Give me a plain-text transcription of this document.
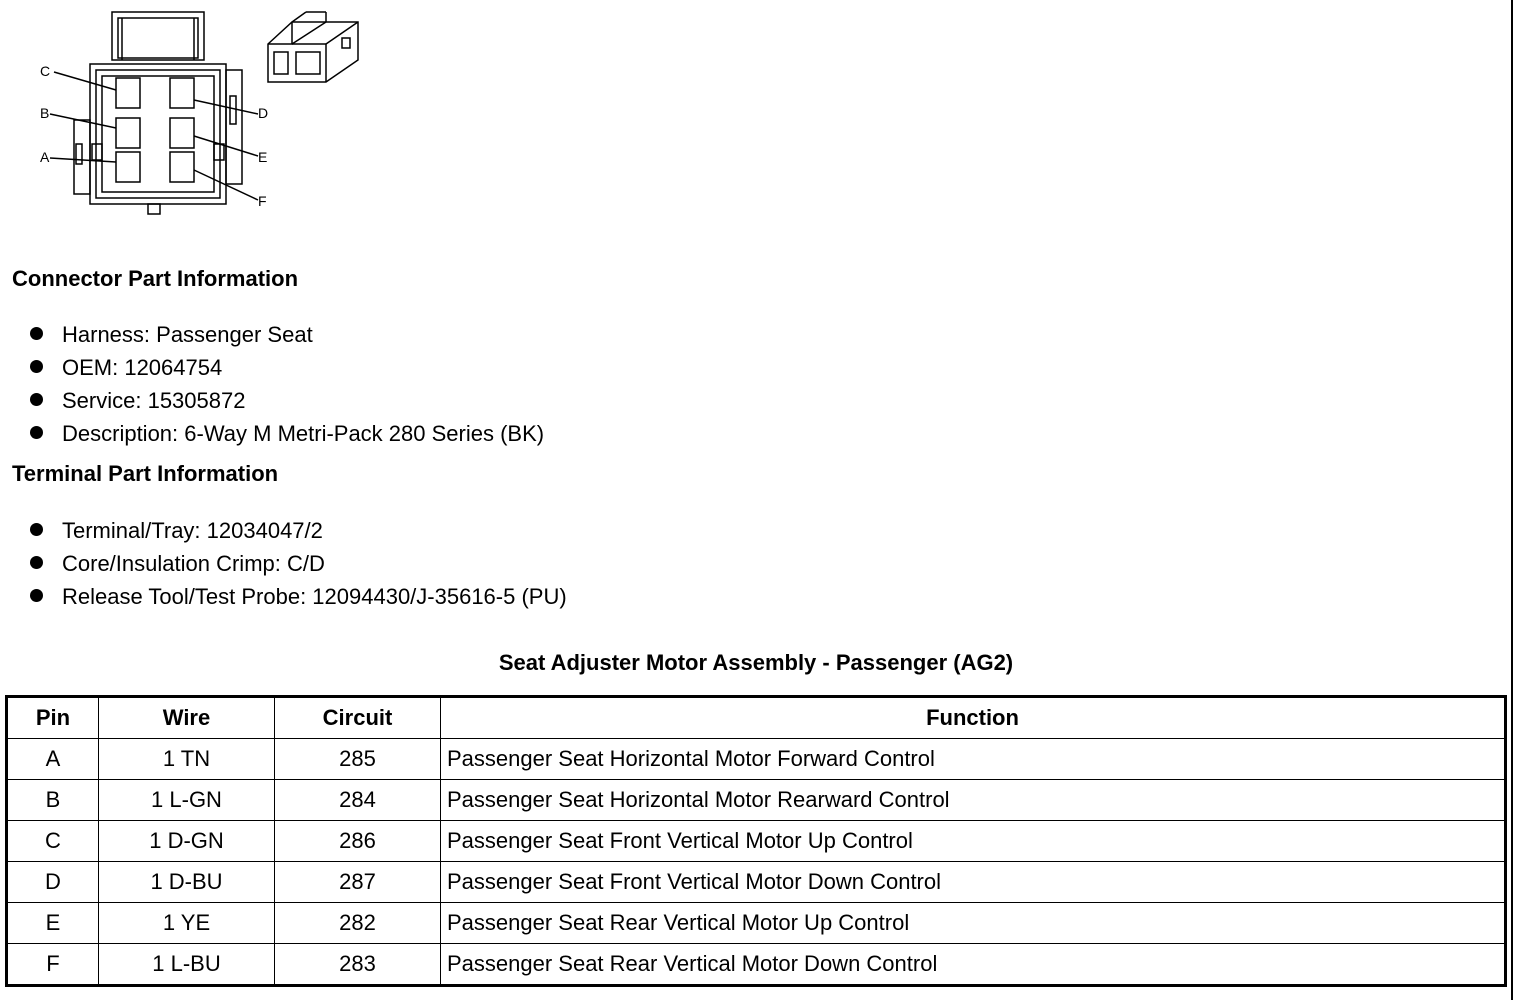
C
B
A
D
E
F
Connector Part Information
Harness: Passenger Seat
OEM: 12064754
Service: 15305872
Description: 6-Way M Metri-Pack 280 Series (BK)
Terminal Part Information
Terminal/Tray: 12034047/2
Core/Insulation Crimp: C/D
Release Tool/Test Probe: 12094430/J-35616-5 (PU)
Seat Adjuster Motor Assembly - Passenger (AG2)
Pin	Wire	Circuit	Function
A	1 TN	285	Passenger Seat Horizontal Motor Forward Control
B	1 L-GN	284	Passenger Seat Horizontal Motor Rearward Control
C	1 D-GN	286	Passenger Seat Front Vertical Motor Up Control
D	1 D-BU	287	Passenger Seat Front Vertical Motor Down Control
E	1 YE	282	Passenger Seat Rear Vertical Motor Up Control
F	1 L-BU	283	Passenger Seat Rear Vertical Motor Down Control
